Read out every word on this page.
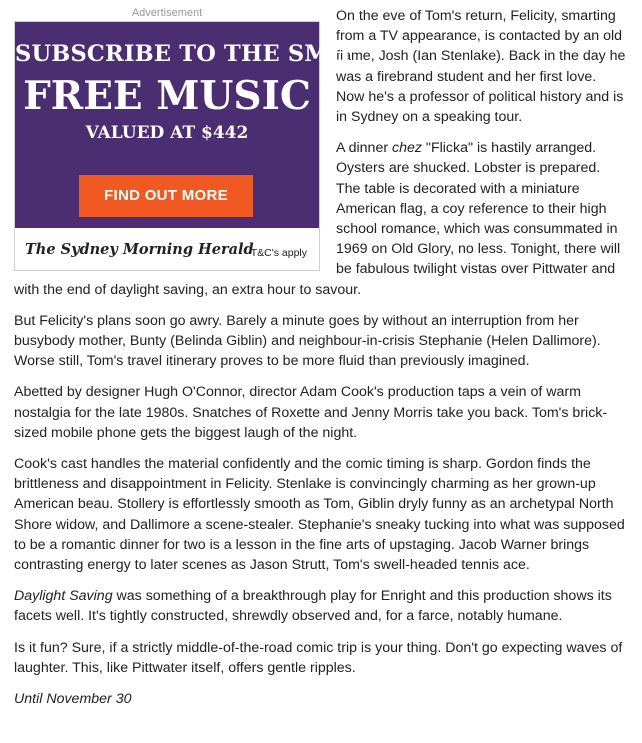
Advertisement
SUBSCRIBE TO THE SMH
FREE MUSIC
VALUED AT $442
FIND OUT MORE
The Sydney Morning Herald
T&C's apply

On the eve of Tom's return, Felicity, smarting from a TV appearance, is contacted by an old flame, Josh (Ian Stenlake). Back in the day he was a firebrand student and her first love. Now he's a professor of political history and is in Sydney on a speaking tour.

A dinner chez "Flicka" is hastily arranged. Oysters are shucked. Lobster is prepared. The table is decorated with a miniature American flag, a coy reference to their high school romance, which was consummated in 1969 on Old Glory, no less. Tonight, there will be fabulous twilight vistas over Pittwater and with the end of daylight saving, an extra hour to savour.

But Felicity's plans soon go awry. Barely a minute goes by without an interruption from her busybody mother, Bunty (Belinda Giblin) and neighbour-in-crisis Stephanie (Helen Dallimore). Worse still, Tom's travel itinerary proves to be more fluid than previously imagined.

Abetted by designer Hugh O'Connor, director Adam Cook's production taps a vein of warm nostalgia for the late 1980s. Snatches of Roxette and Jenny Morris take you back. Tom's brick-sized mobile phone gets the biggest laugh of the night.

Cook's cast handles the material confidently and the comic timing is sharp. Gordon finds the brittleness and disappointment in Felicity. Stenlake is convincingly charming as her grown-up American beau. Stollery is effortlessly smooth as Tom, Giblin dryly funny as an archetypal North Shore widow, and Dallimore a scene-stealer. Stephanie's sneaky tucking into what was supposed to be a romantic dinner for two is a lesson in the fine arts of upstaging. Jacob Warner brings contrasting energy to later scenes as Jason Strutt, Tom's swell-headed tennis ace.

Daylight Saving was something of a breakthrough play for Enright and this production shows its facets well. It's tightly constructed, shrewdly observed and, for a farce, notably humane.

Is it fun? Sure, if a strictly middle-of-the-road comic trip is your thing. Don't go expecting waves of laughter. This, like Pittwater itself, offers gentle ripples.

Until November 30
